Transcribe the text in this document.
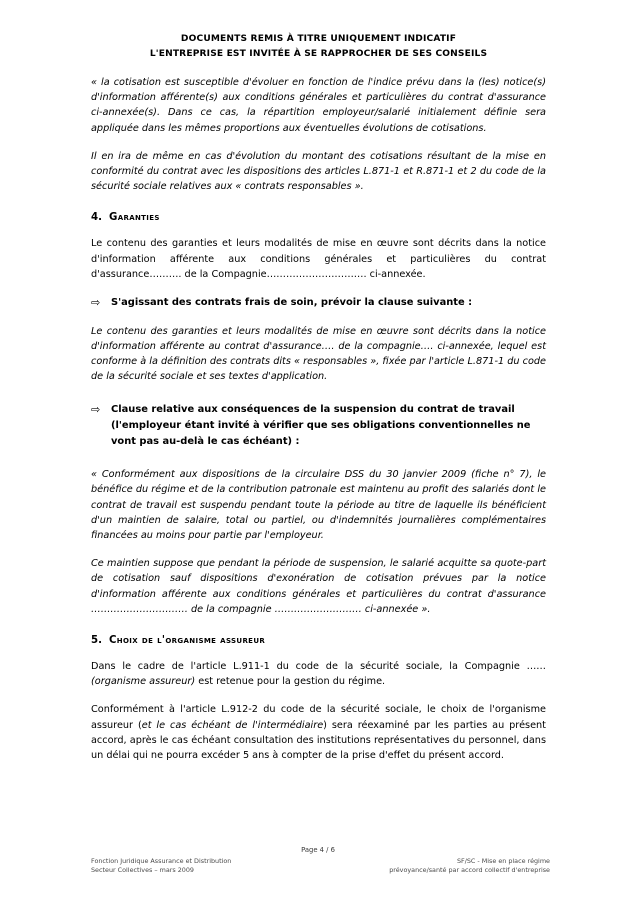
DOCUMENTS REMIS À TITRE UNIQUEMENT INDICATIF
L'ENTREPRISE EST INVITÉE À SE RAPPROCHER DE SES CONSEILS

« la cotisation est susceptible d'évoluer en fonction de l'indice prévu dans la (les) notice(s) d'information afférente(s) aux conditions générales et particulières du contrat d'assurance ci-annexée(s). Dans ce cas, la répartition employeur/salarié initialement définie sera appliquée dans les mêmes proportions aux éventuelles évolutions de cotisations.

Il en ira de même en cas d'évolution du montant des cotisations résultant de la mise en conformité du contrat avec les dispositions des articles L.871-1 et R.871-1 et 2 du code de la sécurité sociale relatives aux « contrats responsables ».

4. garanties

Le contenu des garanties et leurs modalités de mise en œuvre sont décrits dans la notice d'information afférente aux conditions générales et particulières du contrat d'assurance………. de la Compagnie…………………………. ci-annexée.

⇨	S'agissant des contrats frais de soin, prévoir la clause suivante :

Le contenu des garanties et leurs modalités de mise en œuvre sont décrits dans la notice d'information afférente au contrat d'assurance…. de la compagnie…. ci-annexée, lequel est conforme à la définition des contrats dits « responsables », fixée par l'article L.871-1 du code de la sécurité sociale et ses textes d'application.

⇨	Clause relative aux conséquences de la suspension du contrat de travail
(l'employeur étant invité à vérifier que ses obligations conventionnelles ne
vont pas au-delà le cas échéant) :

« Conformément aux dispositions de la circulaire DSS du 30 janvier 2009 (fiche n° 7), le bénéfice du régime et de la contribution patronale est maintenu au profit des salariés dont le contrat de travail est suspendu pendant toute la période au titre de laquelle ils bénéficient d'un maintien de salaire, total ou partiel, ou d'indemnités journalières complémentaires financées au moins pour partie par l'employeur.

Ce maintien suppose que pendant la période de suspension, le salarié acquitte sa quote-part de cotisation sauf dispositions d'exonération de cotisation prévues par la notice d'information afférente aux conditions générales et particulières du contrat d'assurance ………………………… de la compagnie ……………………… ci-annexée ».

5. choix de l'organisme assureur

Dans le cadre de l'article L.911-1 du code de la sécurité sociale, la Compagnie …… (organisme assureur) est retenue pour la gestion du régime.

Conformément à l'article L.912-2 du code de la sécurité sociale, le choix de l'organisme assureur (et le cas échéant de l'intermédiaire) sera réexaminé par les parties au présent accord, après le cas échéant consultation des institutions représentatives du personnel, dans un délai qui ne pourra excéder 5 ans à compter de la prise d'effet du présent accord.

Page 4 / 6
Fonction Juridique Assurance et Distribution
Secteur Collectives – mars 2009
SF/SC - Mise en place régime
prévoyance/santé par accord collectif d'entreprise
